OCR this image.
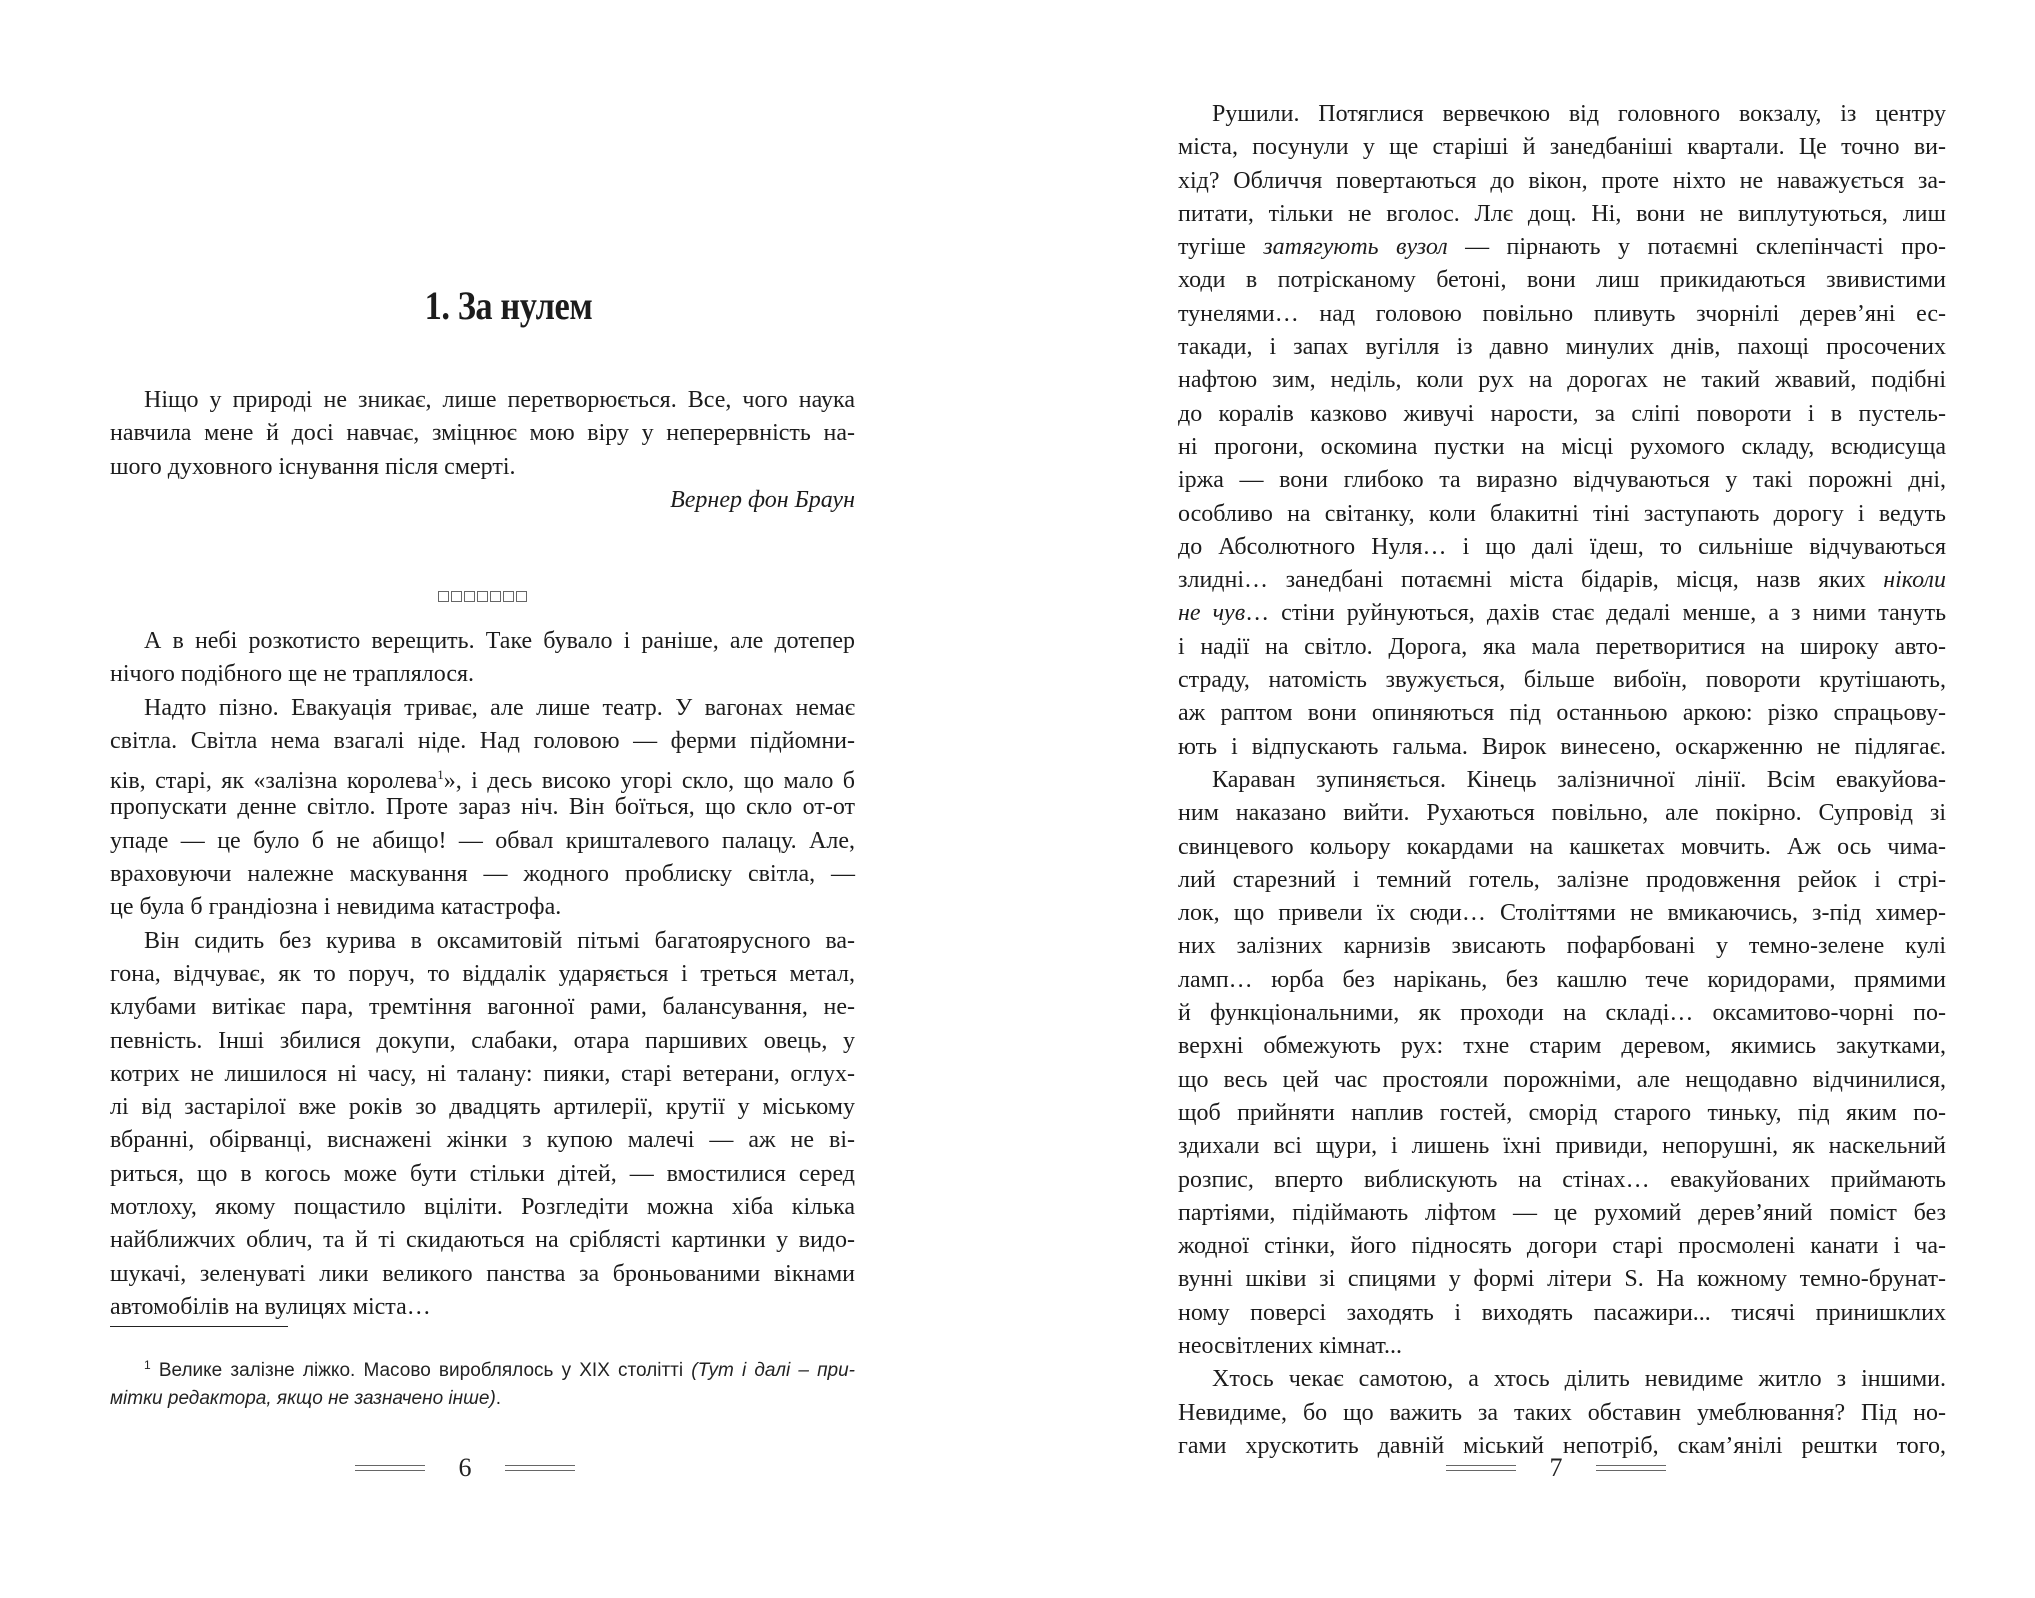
1. За нулем
Ніщо у природі не зникає, лише перетворюється. Все, чого наука
навчила мене й досі навчає, зміцнює мою віру у неперервність на-
шого духовного існування після смерті.
Вернер фон Браун
А в небі розкотисто верещить. Таке бувало і раніше, але дотепер
нічого подібного ще не траплялося.
Надто пізно. Евакуація триває, але лише театр. У вагонах немає
світла. Світла нема взагалі ніде. Над головою — ферми підйомни-
ків, старі, як «залізна королева$^1$», і десь високо угорі скло, що мало б
пропускати денне світло. Проте зараз ніч. Він боїться, що скло от-от
упаде — це було б не абищо! — обвал кришталевого палацу. Але,
враховуючи належне маскування — жодного проблиску світла, —
це була б грандіозна і невидима катастрофа.
Він сидить без курива в оксамитовій пітьмі багатоярусного ва-
гона, відчуває, як то поруч, то віддалік ударяється і треться метал,
клубами витікає пара, тремтіння вагонної рами, балансування, не-
певність. Інші збилися докупи, слабаки, отара паршивих овець, у
котрих не лишилося ні часу, ні талану: пияки, старі ветерани, оглух-
лі від застарілої вже років зо двадцять артилерії, крутії у міському
вбранні, обірванці, виснажені жінки з купою малечі — аж не ві-
риться, що в когось може бути стільки дітей, — вмостилися серед
мотлоху, якому пощастило вціліти. Розгледіти можна хіба кілька
найближчих облич, та й ті скидаються на сріблясті картинки у видо-
шукачі, зеленуваті лики великого панства за броньованими вікнами
автомобілів на вулицях міста…
$^1$ Велике залізне ліжко. Масово вироблялось у XIX столітті (Тут і далі – при-
мітки редактора, якщо не зазначено інше).
6
Рушили. Потяглися вервечкою від головного вокзалу, із центру
міста, посунули у ще старіші й занедбаніші квартали. Це точно ви-
хід? Обличчя повертаються до вікон, проте ніхто не наважується за-
питати, тільки не вголос. Ллє дощ. Ні, вони не виплутуються, лиш
тугіше затягують вузол — пірнають у потаємні склепінчасті про-
ходи в потрісканому бетоні, вони лиш прикидаються звивистими
тунелями… над головою повільно пливуть зчорнілі дерев’яні ес-
такади, і запах вугілля із давно минулих днів, пахощі просочених
нафтою зим, неділь, коли рух на дорогах не такий жвавий, подібні
до коралів казково живучі нарости, за сліпі повороти і в пустель-
ні прогони, оскомина пустки на місці рухомого складу, всюдисуща
іржа — вони глибоко та виразно відчуваються у такі порожні дні,
особливо на світанку, коли блакитні тіні заступають дорогу і ведуть
до Абсолютного Нуля… і що далі їдеш, то сильніше відчуваються
злидні… занедбані потаємні міста бідарів, місця, назв яких ніколи
не чув… стіни руйнуються, дахів стає дедалі менше, а з ними тануть
і надії на світло. Дорога, яка мала перетворитися на широку авто-
страду, натомість звужується, більше вибоїн, повороти крутішають,
аж раптом вони опиняються під останньою аркою: різко спрацьову-
ють і відпускають гальма. Вирок винесено, оскарженню не підлягає.
Караван зупиняється. Кінець залізничної лінії. Всім евакуйова-
ним наказано вийти. Рухаються повільно, але покірно. Супровід зі
свинцевого кольору кокардами на кашкетах мовчить. Аж ось чима-
лий старезний і темний готель, залізне продовження рейок і стрі-
лок, що привели їх сюди… Століттями не вмикаючись, з-під химер-
них залізних карнизів звисають пофарбовані у темно-зелене кулі
ламп… юрба без нарікань, без кашлю тече коридорами, прямими
й функціональними, як проходи на складі… оксамитово-чорні по-
верхні обмежують рух: тхне старим деревом, якимись закутками,
що весь цей час простояли порожніми, але нещодавно відчинилися,
щоб прийняти наплив гостей, сморід старого тиньку, під яким по-
здихали всі щури, і лишень їхні привиди, непорушні, як наскельний
розпис, вперто виблискують на стінах… евакуйованих приймають
партіями, підіймають ліфтом — це рухомий дерев’яний поміст без
жодної стінки, його підносять догори старі просмолені канати і ча-
вунні шківи зі спицями у формі літери S. На кожному темно-брунат-
ному поверсі заходять і виходять пасажири... тисячі принишклих
неосвітлених кімнат...
Хтось чекає самотою, а хтось ділить невидиме житло з іншими.
Невидиме, бо що важить за таких обставин умеблювання? Під но-
гами хрускотить давній міський непотріб, скам’янілі рештки того,
7
